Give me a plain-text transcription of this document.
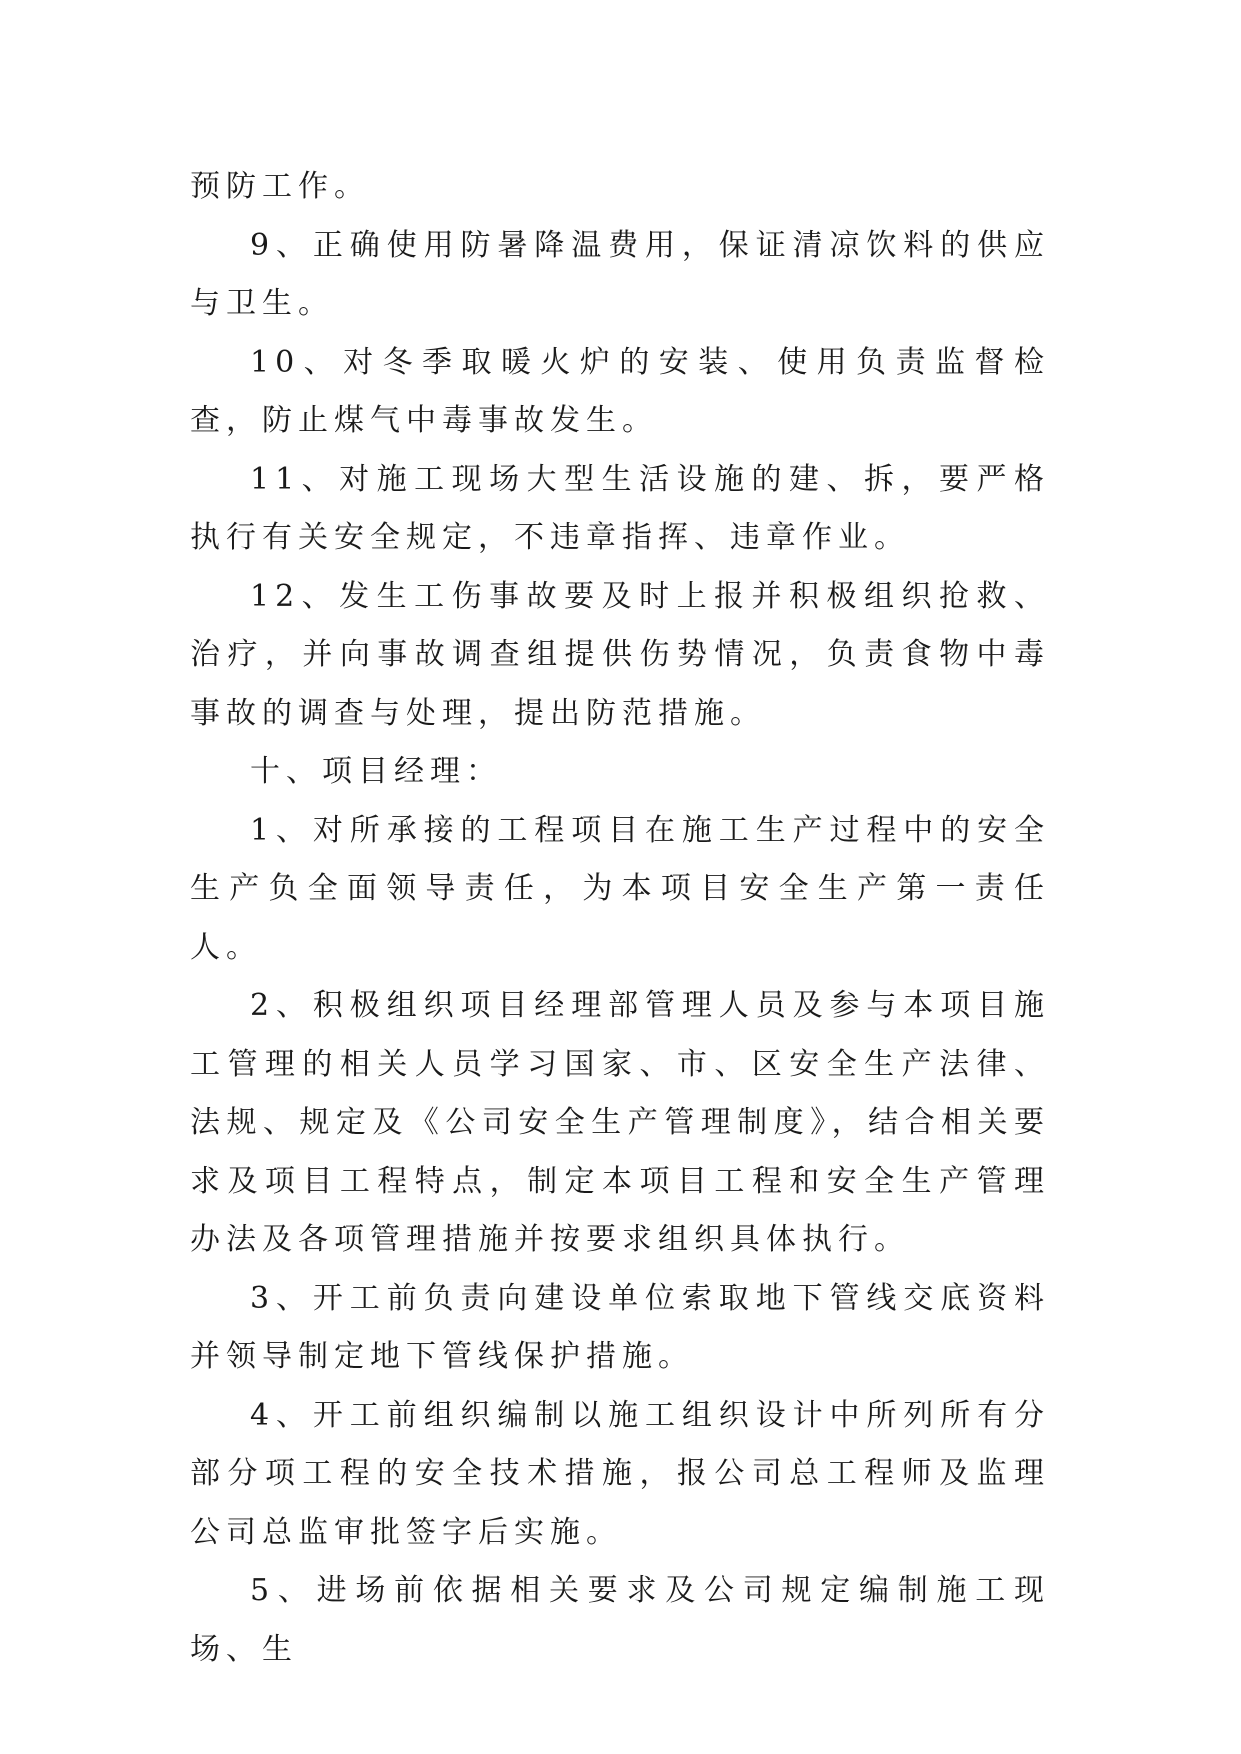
预防工作。

9、正确使用防暑降温费用，保证清凉饮料的供应与卫生。

10、对冬季取暖火炉的安装、使用负责监督检查，防止煤气中毒事故发生。

11、对施工现场大型生活设施的建、拆，要严格执行有关安全规定，不违章指挥、违章作业。

12、发生工伤事故要及时上报并积极组织抢救、治疗，并向事故调查组提供伤势情况，负责食物中毒事故的调查与处理，提出防范措施。

十、项目经理：

1、对所承接的工程项目在施工生产过程中的安全生产负全面领导责任，为本项目安全生产第一责任人。

2、积极组织项目经理部管理人员及参与本项目施工管理的相关人员学习国家、市、区安全生产法律、法规、规定及《公司安全生产管理制度》，结合相关要求及项目工程特点，制定本项目工程和安全生产管理办法及各项管理措施并按要求组织具体执行。

3、开工前负责向建设单位索取地下管线交底资料并领导制定地下管线保护措施。

4、开工前组织编制以施工组织设计中所列所有分部分项工程的安全技术措施，报公司总工程师及监理公司总监审批签字后实施。

5、进场前依据相关要求及公司规定编制施工现场、生
